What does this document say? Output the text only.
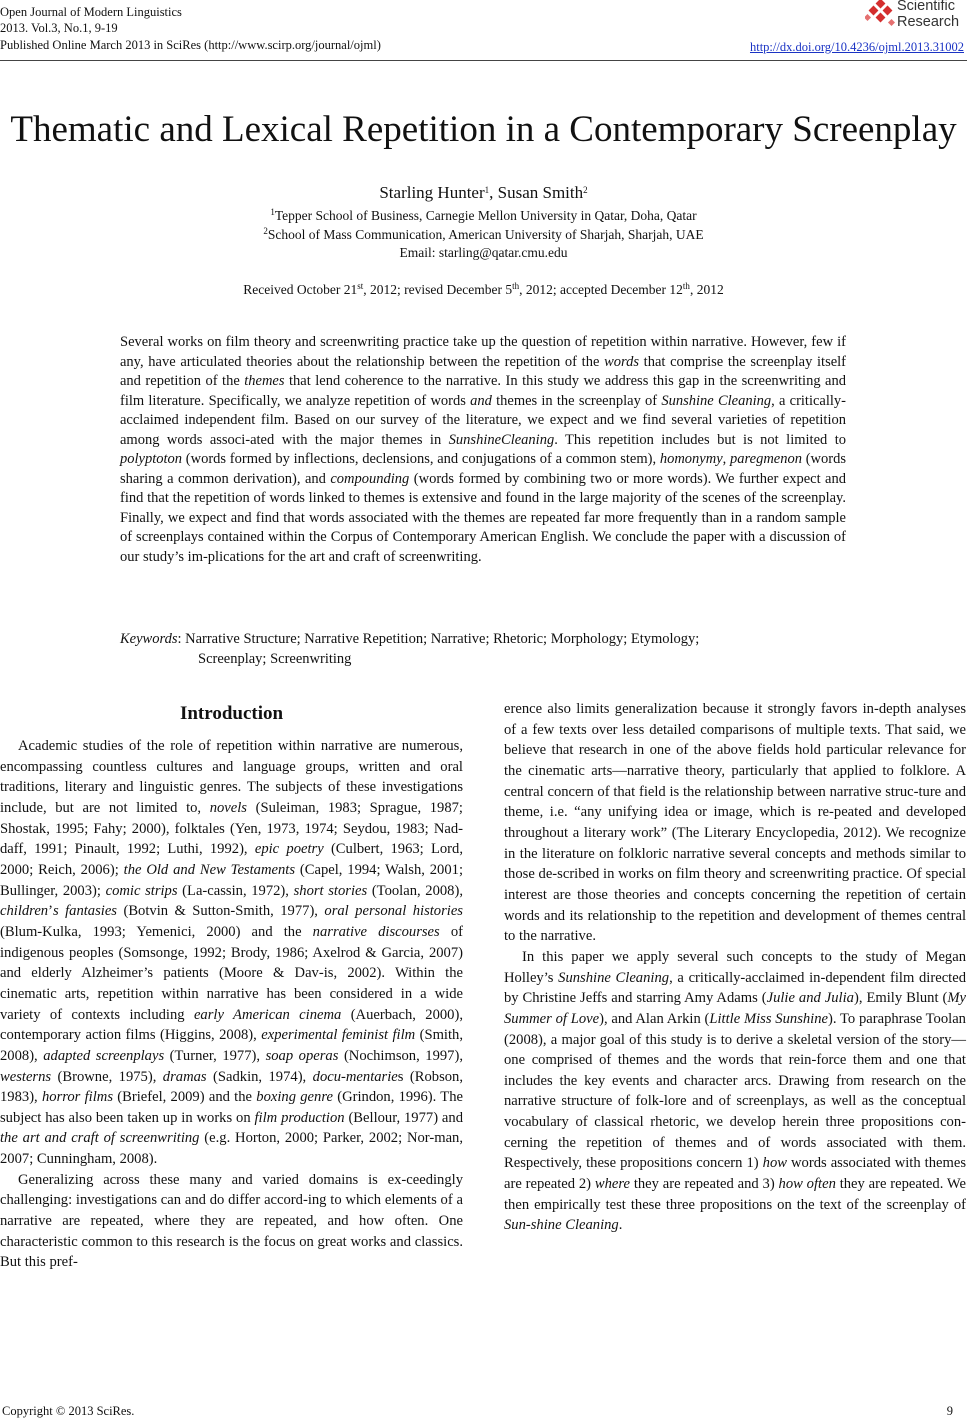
Open Journal of Modern Linguistics
2013. Vol.3, No.1, 9-19
Published Online March 2013 in SciRes (http://www.scirp.org/journal/ojml)	http://dx.doi.org/10.4236/ojml.2013.31002
Scientific
Research
Thematic and Lexical Repetition in a Contemporary Screenplay
Starling Hunter$^1$, Susan Smith$^2$
$^1$Tepper School of Business, Carnegie Mellon University in Qatar, Doha, Qatar
$^2$School of Mass Communication, American University of Sharjah, Sharjah, UAE
Email: starling@qatar.cmu.edu
Received October 21st, 2012; revised December 5th, 2012; accepted December 12th, 2012
Several works on film theory and screenwriting practice take up the question of repetition within narrative. However, few if any, have articulated theories about the relationship between the repetition of the words that comprise the screenplay itself and repetition of the themes that lend coherence to the narrative. In this study we address this gap in the screenwriting and film literature. Specifically, we analyze repetition of words and themes in the screenplay of Sunshine Cleaning, a critically-acclaimed independent film. Based on our survey of the literature, we expect and we find several varieties of repetition among words associ-ated with the major themes in SunshineCleaning. This repetition includes but is not limited to polyptoton (words formed by inflections, declensions, and conjugations of a common stem), homonymy, paregmenon (words sharing a common derivation), and compounding (words formed by combining two or more words). We further expect and find that the repetition of words linked to themes is extensive and found in the large majority of the scenes of the screenplay. Finally, we expect and find that words associated with the themes are repeated far more frequently than in a random sample of screenplays contained within the Corpus of Contemporary American English. We conclude the paper with a discussion of our study’s im-plications for the art and craft of screenwriting.
Keywords: Narrative Structure; Narrative Repetition; Narrative; Rhetoric; Morphology; Etymology;
Screenplay; Screenwriting
Introduction

Academic studies of the role of repetition within narrative are numerous, encompassing countless cultures and language groups, written and oral traditions, literary and linguistic genres. The subjects of these investigations include, but are not limited to, novels (Suleiman, 1983; Sprague, 1987; Shostak, 1995; Fahy; 2000), folktales (Yen, 1973, 1974; Seydou, 1983; Nad-daff, 1991; Pinault, 1992; Luthi, 1992), epic poetry (Culbert, 1963; Lord, 2000; Reich, 2006); the Old and New Testaments (Capel, 1994; Walsh, 2001; Bullinger, 2003); comic strips (La-cassin, 1972), short stories (Toolan, 2008), children’s fantasies (Botvin & Sutton-Smith, 1977), oral personal histories (Blum-Kulka, 1993; Yemenici, 2000) and the narrative discourses of indigenous peoples (Somsonge, 1992; Brody, 1986; Axelrod & Garcia, 2007) and elderly Alzheimer’s patients (Moore & Dav-is, 2002). Within the cinematic arts, repetition within narrative has been considered in a wide variety of contexts including early American cinema (Auerbach, 2000), contemporary action films (Higgins, 2008), experimental feminist film (Smith, 2008), adapted screenplays (Turner, 1977), soap operas (Nochimson, 1997), westerns (Browne, 1975), dramas (Sadkin, 1974), docu-mentaries (Robson, 1983), horror films (Briefel, 2009) and the boxing genre (Grindon, 1996). The subject has also been taken up in works on film production (Bellour, 1977) and the art and craft of screenwriting (e.g. Horton, 2000; Parker, 2002; Nor-man, 2007; Cunningham, 2008).

Generalizing across these many and varied domains is ex-ceedingly challenging: investigations can and do differ accord-ing to which elements of a narrative are repeated, where they are repeated, and how often. One characteristic common to this research is the focus on great works and classics. But this pref-

erence also limits generalization because it strongly favors in-depth analyses of a few texts over less detailed comparisons of multiple texts. That said, we believe that research in one of the above fields hold particular relevance for the cinematic arts—narrative theory, particularly that applied to folklore. A central concern of that field is the relationship between narrative struc-ture and theme, i.e. “any unifying idea or image, which is re-peated and developed throughout a literary work” (The Literary Encyclopedia, 2012). We recognize in the literature on folkloric narrative several concepts and methods similar to those de-scribed in works on film theory and screenwriting practice. Of special interest are those theories and concepts concerning the repetition of certain words and its relationship to the repetition and development of themes central to the narrative.

In this paper we apply several such concepts to the study of Megan Holley’s Sunshine Cleaning, a critically-acclaimed in-dependent film directed by Christine Jeffs and starring Amy Adams (Julie and Julia), Emily Blunt (My Summer of Love), and Alan Arkin (Little Miss Sunshine). To paraphrase Toolan (2008), a major goal of this study is to derive a skeletal version of the story—one comprised of themes and the words that rein-force them and one that includes the key events and character arcs. Drawing from research on the narrative structure of folk-lore and of screenplays, as well as the conceptual vocabulary of classical rhetoric, we develop herein three propositions con-cerning the repetition of themes and of words associated with them. Respectively, these propositions concern 1) how words associated with themes are repeated 2) where they are repeated and 3) how often they are repeated. We then empirically test these three propositions on the text of the screenplay of Sun-shine Cleaning.

Copyright © 2013 SciRes.	9
